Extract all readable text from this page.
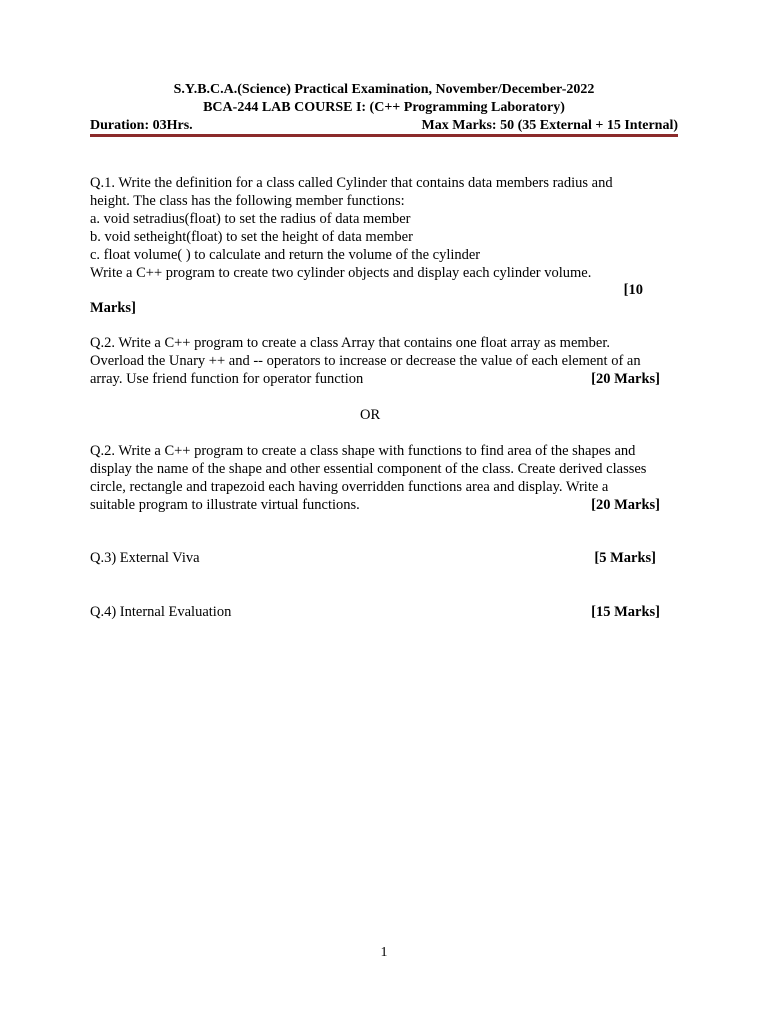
S.Y.B.C.A.(Science) Practical Examination, November/December-2022
BCA-244 LAB COURSE I: (C++ Programming Laboratory)
Duration: 03Hrs.	Max Marks: 50 (35 External + 15 Internal)
Q.1. Write the definition for a class called Cylinder that contains data members radius and
height. The class has the following member functions:
a. void setradius(float) to set the radius of data member
b. void setheight(float) to set the height of data member
c. float volume( ) to calculate and return the volume of the cylinder
Write a C++ program to create two cylinder objects and display each cylinder volume.
[10
Marks]
Q.2. Write a C++ program to create a class Array that contains one float array as member.
Overload the Unary ++ and -- operators to increase or decrease the value of each element of an
array. Use friend function for operator function	[20 Marks]
OR
Q.2. Write a C++ program to create a class shape with functions to find area of the shapes and
display the name of the shape and other essential component of the class. Create derived classes
circle, rectangle and trapezoid each having overridden functions area and display. Write a
suitable program to illustrate virtual functions.	[20 Marks]
Q.3) External Viva	[5 Marks]
Q.4) Internal Evaluation	[15 Marks]
1
